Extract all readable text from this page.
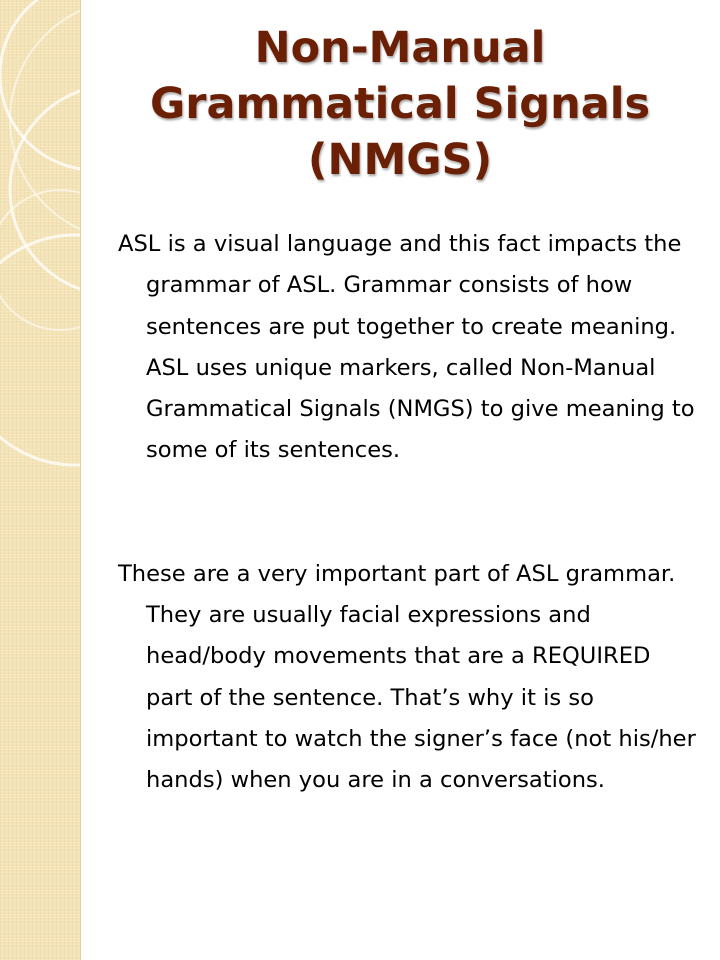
Non-Manual
Grammatical Signals
(NMGS)

ASL is a visual language and this fact impacts the grammar of ASL. Grammar consists of how sentences are put together to create meaning. ASL uses unique markers, called Non-Manual Grammatical Signals (NMGS) to give meaning to some of its sentences.

These are a very important part of ASL grammar. They are usually facial expressions and head/body movements that are a REQUIRED part of the sentence. That’s why it is so important to watch the signer’s face (not his/her hands) when you are in a conversations.
